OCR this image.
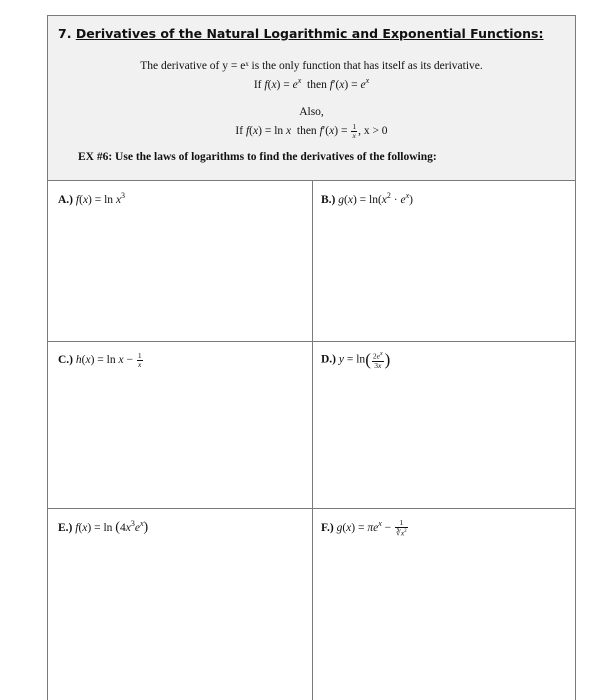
7. Derivatives of the Natural Logarithmic and Exponential Functions:
The derivative of y = eˣ is the only function that has itself as its derivative.
If $f(x) = e^x$ then $f'(x) = e^x$
Also,
If f(x) = ln x then $f'(x) = \frac{1}{x}$ , x > 0
EX #6: Use the laws of logarithms to find the derivatives of the following:
A.) $f(x) = \ln x^3$	B.) $g(x) = \ln(x^2 \cdot e^x)$
C.) $h(x) = \ln x - \frac{1}{x}$	D.) $y = \ln( \frac{2e^x}{3x}$ )
E.) $f(x) = \ln (4x^3e^x)$	F.) $g(x) = \pi e^x - \frac{1}{∛x^2}$
